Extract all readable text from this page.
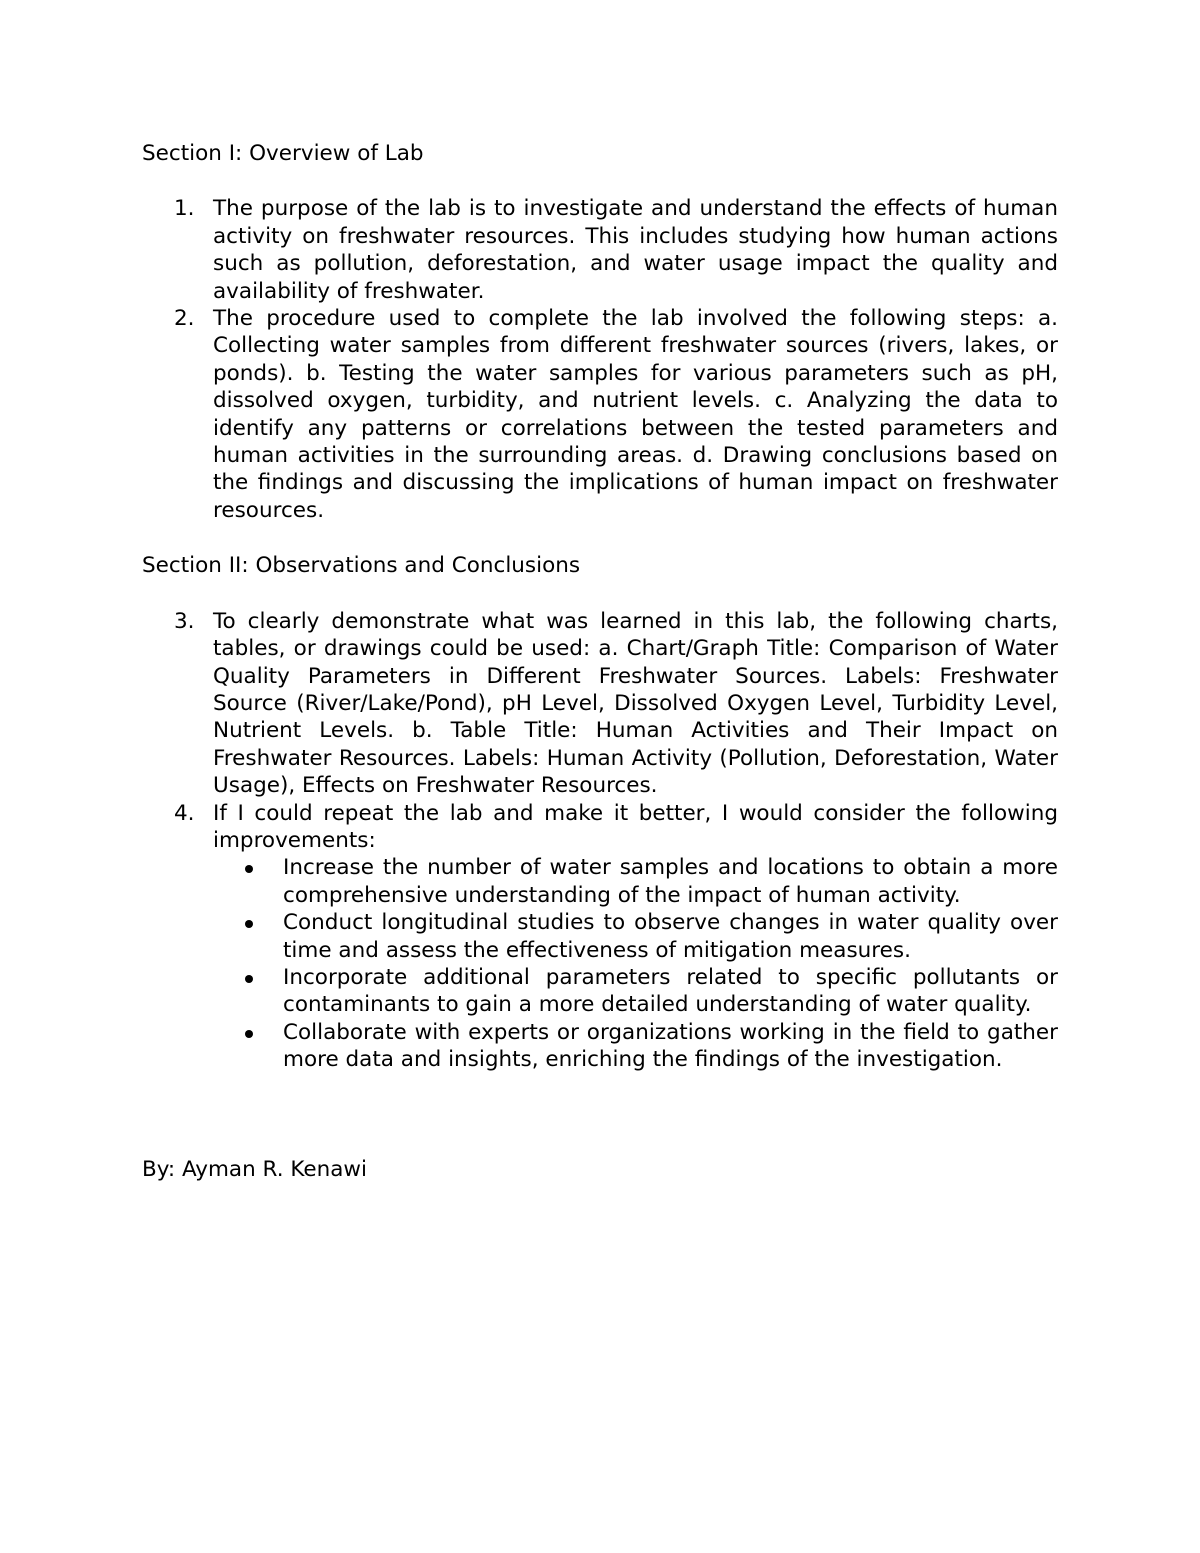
Section I: Overview of Lab

1. The purpose of the lab is to investigate and understand the effects of human activity on freshwater resources. This includes studying how human actions such as pollution, deforestation, and water usage impact the quality and availability of freshwater.
2. The procedure used to complete the lab involved the following steps: a. Collecting water samples from different freshwater sources (rivers, lakes, or ponds). b. Testing the water samples for various parameters such as pH, dissolved oxygen, turbidity, and nutrient levels. c. Analyzing the data to identify any patterns or correlations between the tested parameters and human activities in the surrounding areas. d. Drawing conclusions based on the findings and discussing the implications of human impact on freshwater resources.

Section II: Observations and Conclusions

3. To clearly demonstrate what was learned in this lab, the following charts, tables, or drawings could be used: a. Chart/Graph Title: Comparison of Water Quality Parameters in Different Freshwater Sources. Labels: Freshwater Source (River/Lake/Pond), pH Level, Dissolved Oxygen Level, Turbidity Level, Nutrient Levels. b. Table Title: Human Activities and Their Impact on Freshwater Resources. Labels: Human Activity (Pollution, Deforestation, Water Usage), Effects on Freshwater Resources.
4. If I could repeat the lab and make it better, I would consider the following improvements:
Increase the number of water samples and locations to obtain a more comprehensive understanding of the impact of human activity.
Conduct longitudinal studies to observe changes in water quality over time and assess the effectiveness of mitigation measures.
Incorporate additional parameters related to specific pollutants or contaminants to gain a more detailed understanding of water quality.
Collaborate with experts or organizations working in the field to gather more data and insights, enriching the findings of the investigation.

By: Ayman R. Kenawi
